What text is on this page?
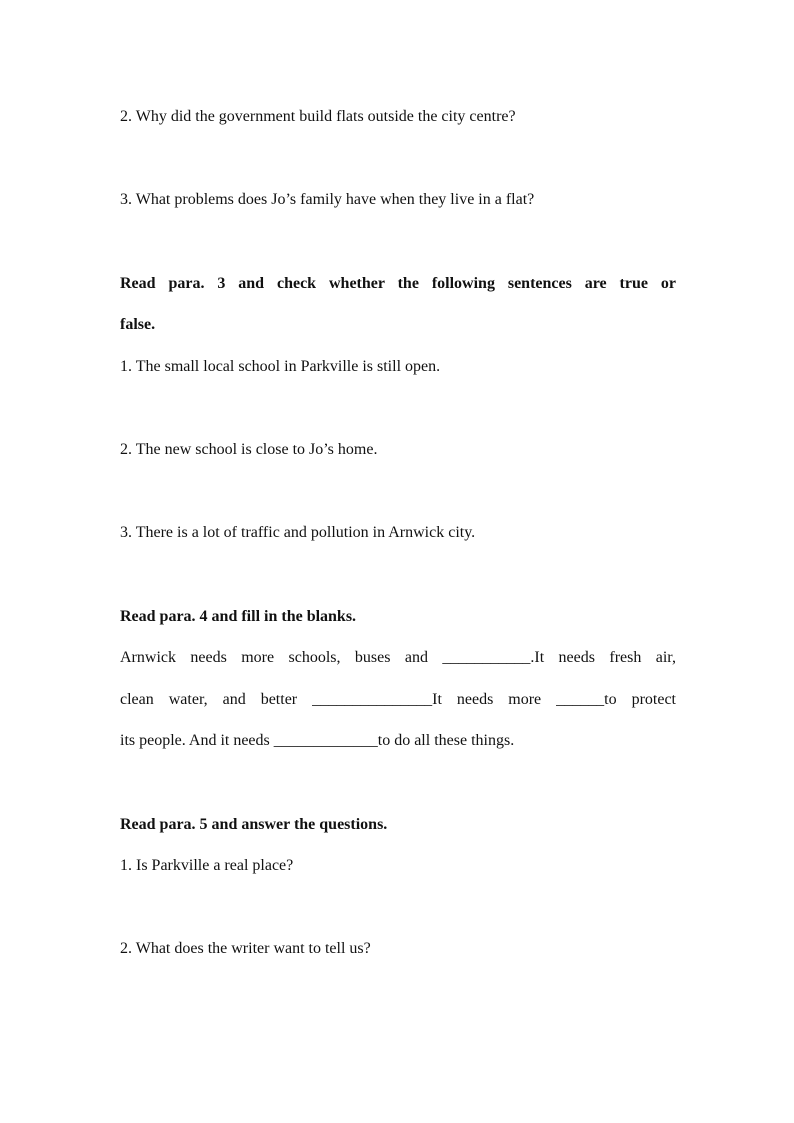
2. Why did the government build flats outside the city centre?
3. What problems does Jo’s family have when they live in a flat?
Read para. 3 and check whether the following sentences are true or
false.
1. The small local school in Parkville is still open.
2. The new school is close to Jo’s home.
3. There is a lot of traffic and pollution in Arnwick city.
Read para. 4 and fill in the blanks.
Arnwick needs more schools, buses and ___________.It needs fresh air,
clean water, and better _______________It needs more ______to protect
its people. And it needs _____________to do all these things.
Read para. 5 and answer the questions.
1. Is Parkville a real place?
2. What does the writer want to tell us?
